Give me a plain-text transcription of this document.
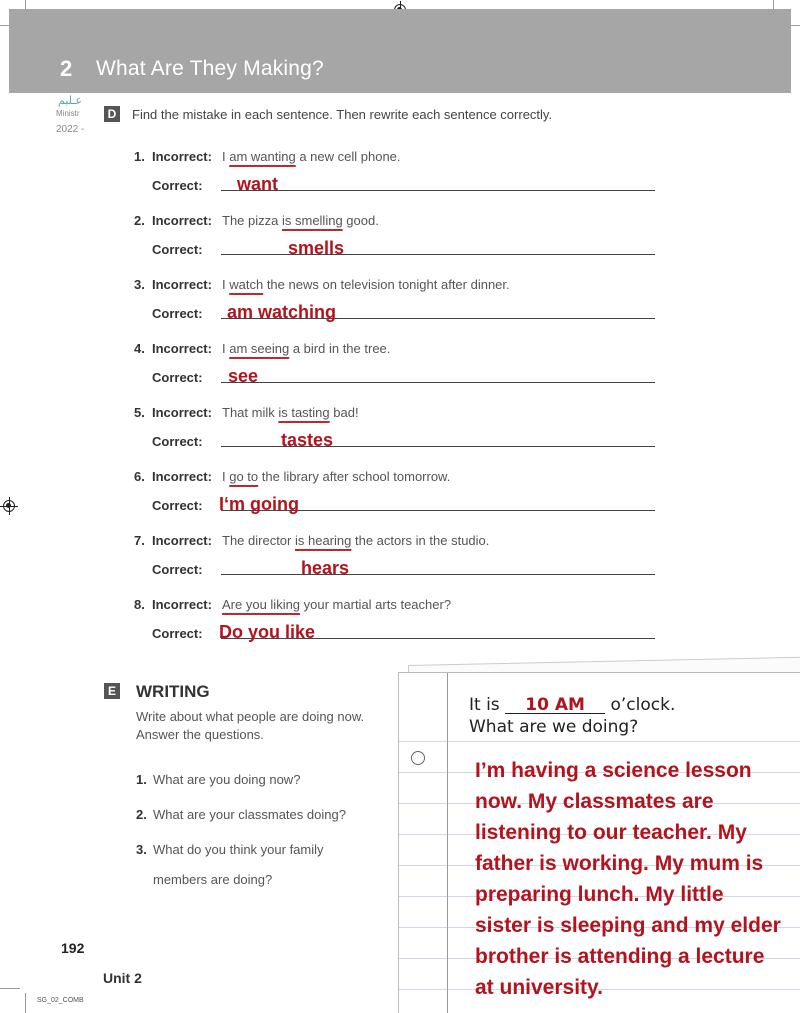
2 What Are They Making?
عـليم
Ministr
2022 -
D Find the mistake in each sentence. Then rewrite each sentence correctly.
1. Incorrect: I am wanting a new cell phone.
Correct: want
2. Incorrect: The pizza is smelling good.
Correct:	smells
3. Incorrect: I watch the news on television tonight after dinner.
Correct: am watching
4. Incorrect: I am seeing a bird in the tree.
Correct: see
5. Incorrect: That milk is tasting bad!
Correct:	tastes
6. Incorrect: I go to the library after school tomorrow.
Correct: I‘m going
7. Incorrect: The director is hearing the actors in the studio.
Correct:	hears
8. Incorrect: Are you liking your martial arts teacher?
Correct: Do you like
E WRITING
Write about what people are doing now.
Answer the questions.
1. What are you doing now?
2. What are your classmates doing?
3. What do you think your family
members are doing?
It is 10 AM o’clock.
What are we doing?
I’m having a science lesson now. My classmates are listening to our teacher. My father is working. My mum is preparing lunch. My little sister is sleeping and my elder brother is attending a lecture at university.
192
Unit 2
SG_02_COMB
